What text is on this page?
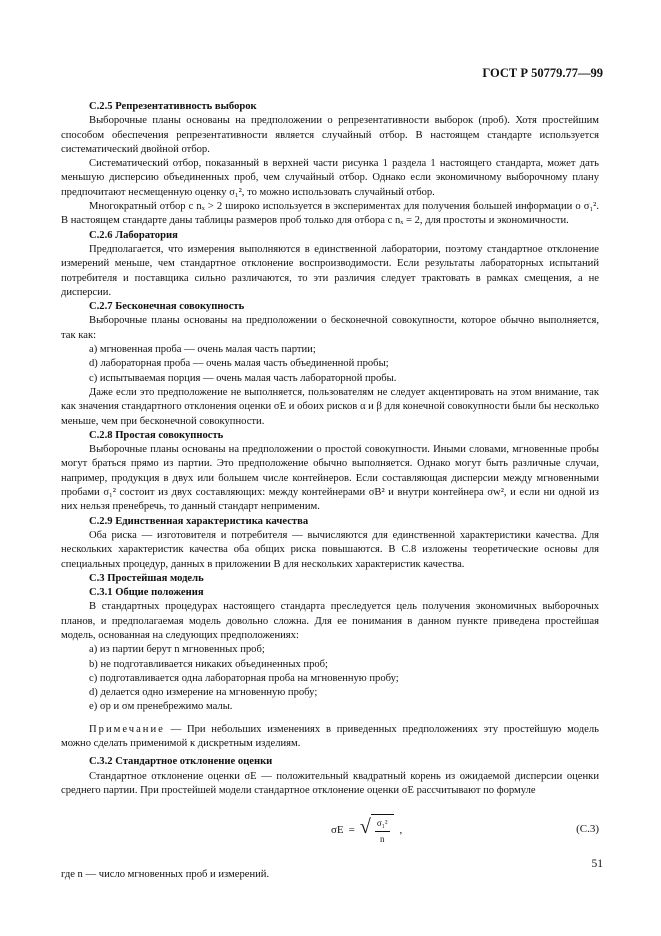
ГОСТ Р 50779.77—99

С.2.5 Репрезентативность выборок

Выборочные планы основаны на предположении о репрезентативности выборок (проб). Хотя простейшим способом обеспечения репрезентативности является случайный отбор. В настоящем стандарте используется систематический двойной отбор.

Систематический отбор, показанный в верхней части рисунка 1 раздела 1 настоящего стандарта, может дать меньшую дисперсию объединенных проб, чем случайный отбор. Однако если экономичному выборочному плану предпочитают несмещенную оценку σ₁², то можно использовать случайный отбор.

Многократный отбор с nₓ > 2 широко используется в экспериментах для получения большей информации о σ₁². В настоящем стандарте даны таблицы размеров проб только для отбора с nₓ = 2, для простоты и экономичности.

С.2.6 Лаборатория

Предполагается, что измерения выполняются в единственной лаборатории, поэтому стандартное отклонение измерений меньше, чем стандартное отклонение воспроизводимости. Если результаты лабораторных испытаний потребителя и поставщика сильно различаются, то эти различия следует трактовать в рамках смещения, а не дисперсии.

С.2.7 Бесконечная совокупность

Выборочные планы основаны на предположении о бесконечной совокупности, которое обычно выполняется, так как:

а) мгновенная проба — очень малая часть партии;

d) лабораторная проба — очень малая часть объединенной пробы;

с) испытываемая порция — очень малая часть лабораторной пробы.

Даже если это предположение не выполняется, пользователям не следует акцентировать на этом внимание, так как значения стандартного отклонения оценки σE и обоих рисков α и β для конечной совокупности были бы несколько меньше, чем при бесконечной совокупности.

С.2.8 Простая совокупность

Выборочные планы основаны на предположении о простой совокупности. Иными словами, мгновенные пробы могут браться прямо из партии. Это предположение обычно выполняется. Однако могут быть различные случаи, например, продукция в двух или большем числе контейнеров. Если составляющая дисперсии между мгновенными пробами σ₁² состоит из двух составляющих: между контейнерами σB² и внутри контейнера σw², и если ни одной из них нельзя пренебречь, то данный стандарт неприменим.

С.2.9 Единственная характеристика качества

Оба риска — изготовителя и потребителя — вычисляются для единственной характеристики качества. Для нескольких характеристик качества оба общих риска повышаются. В С.8 изложены теоретические основы для специальных процедур, данных в приложении В для нескольких характеристик качества.

С.3 Простейшая модель

С.3.1 Общие положения

В стандартных процедурах настоящего стандарта преследуется цель получения экономичных выборочных планов, и предполагаемая модель довольно сложна. Для ее понимания в данном пункте приведена простейшая модель, основанная на следующих предположениях:

а) из партии берут n мгновенных проб;

b) не подготавливается никаких объединенных проб;

с) подготавливается одна лабораторная проба на мгновенную пробу;

d) делается одно измерение на мгновенную пробу;

е) σр и σм пренебрежимо малы.

Примечание — При небольших изменениях в приведенных предположениях эту простейшую модель можно сделать применимой к дискретным изделиям.

С.3.2 Стандартное отклонение оценки

Стандартное отклонение оценки σE — положительный квадратный корень из ожидаемой дисперсии оценки среднего партии. При простейшей модели стандартное отклонение оценки σE рассчитывают по формуле

σE = √ $\frac{\text{σ₁²}}{n}$ ,	(С.3)

где n — число мгновенных проб и измерений.

51
